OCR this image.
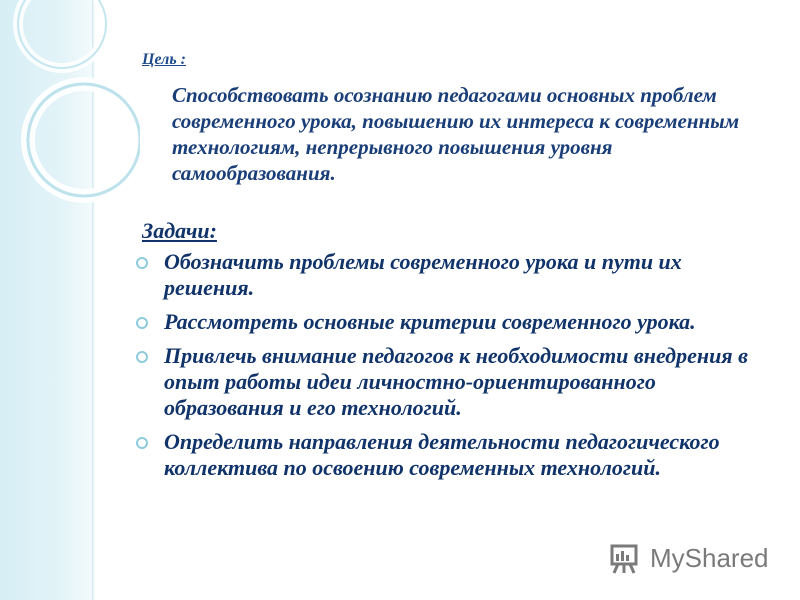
Цель :
Способствовать осознанию педагогами основных проблем современного урока, повышению их интереса к современным технологиям, непрерывного повышения уровня самообразования.
Задачи:
Обозначить проблемы современного урока и пути их решения.
Рассмотреть основные критерии современного урока.
Привлечь внимание педагогов к необходимости внедрения в опыт работы идеи личностно-ориентированного образования и его технологий.
Определить направления деятельности педагогического коллектива по освоению современных технологий.
MyShared
